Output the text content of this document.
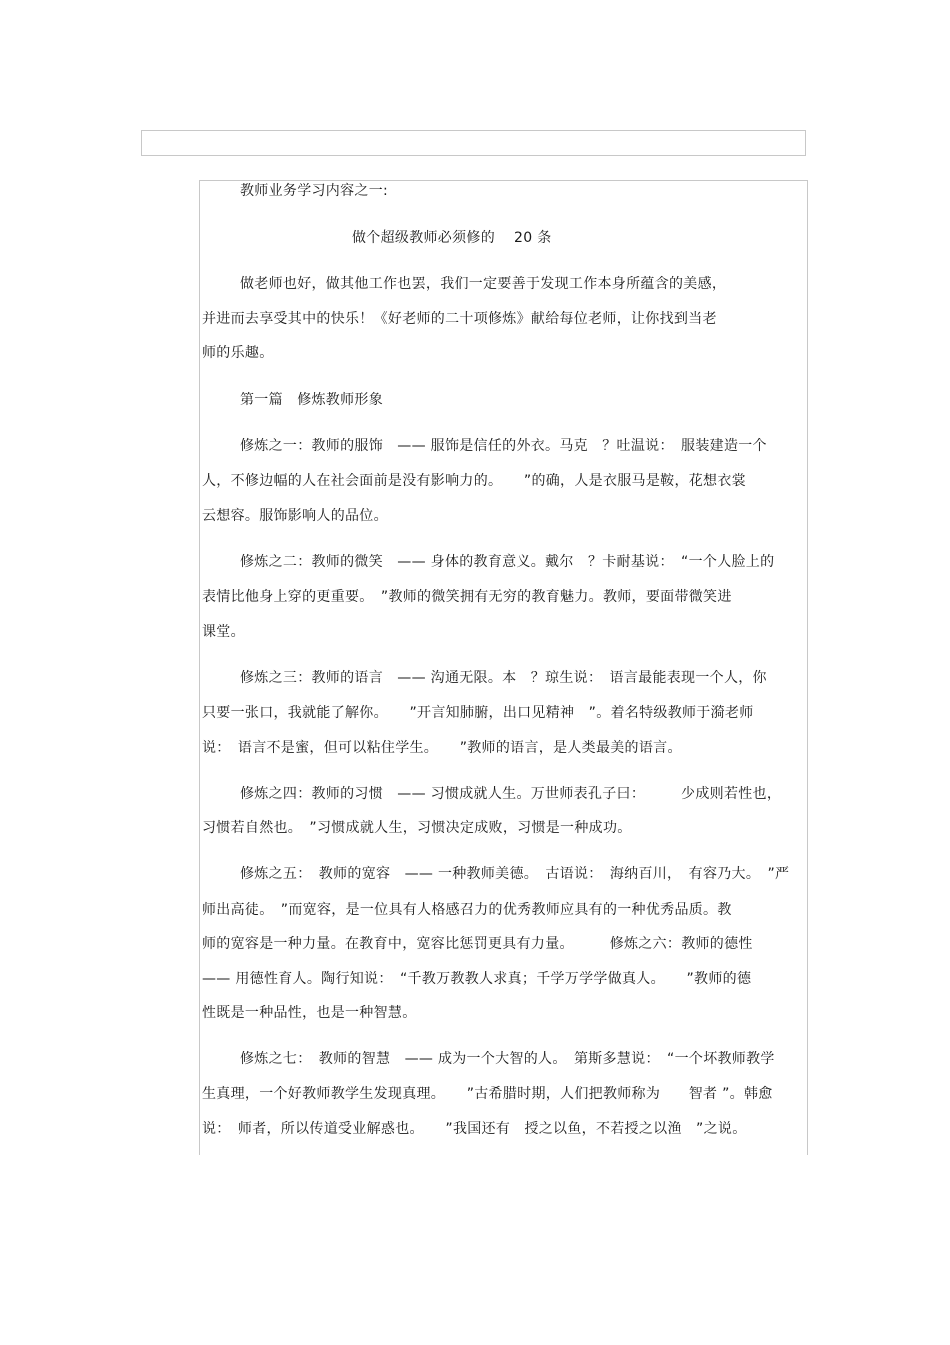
教师业务学习内容之一:
做个超级教师必须修的　 20 条
做老师也好，做其他工作也罢，我们一定要善于发现工作本身所蕴含的美感，
并进而去享受其中的快乐！《好老师的二十项修炼》献给每位老师，让你找到当老
师的乐趣。
第一篇　修炼教师形象
修炼之一：教师的服饰　—— 服饰是信任的外衣。马克　？吐温说：　服装建造一个
人，不修边幅的人在社会面前是没有影响力的。　　”的确，人是衣服马是鞍，花想衣裳
云想容。服饰影响人的品位。
修炼之二：教师的微笑　—— 身体的教育意义。戴尔　？卡耐基说：　“一个人脸上的
表情比他身上穿的更重要。　”教师的微笑拥有无穷的教育魅力。教师，要面带微笑进
课堂。
修炼之三：教师的语言　—— 沟通无限。本　？琼生说：　语言最能表现一个人，你
只要一张口，我就能了解你。　　”开言知肺腑，出口见精神　”。着名特级教师于漪老师
说：　语言不是蜜，但可以粘住学生。　　”教师的语言，是人类最美的语言。
修炼之四：教师的习惯　—— 习惯成就人生。万世师表孔子曰：　　　少成则若性也，
习惯若自然也。　”习惯成就人生，习惯决定成败，习惯是一种成功。
修炼之五：　教师的宽容　—— 一种教师美德。　古语说：　海纳百川，　有容乃大。　”严
师出高徒。　”而宽容，是一位具有人格感召力的优秀教师应具有的一种优秀品质。教
师的宽容是一种力量。在教育中，宽容比惩罚更具有力量。　　　修炼之六：教师的德性
—— 用德性育人。陶行知说：　“千教万教教人求真；千学万学学做真人。　　”教师的德
性既是一种品性，也是一种智慧。
修炼之七：　教师的智慧　—— 成为一个大智的人。　第斯多慧说：　“一个坏教师教学
生真理，一个好教师教学生发现真理。　　”古希腊时期，人们把教师称为　　智者 ”。韩愈
说：　师者，所以传道受业解惑也。　　”我国还有　授之以鱼，不若授之以渔　”之说。
